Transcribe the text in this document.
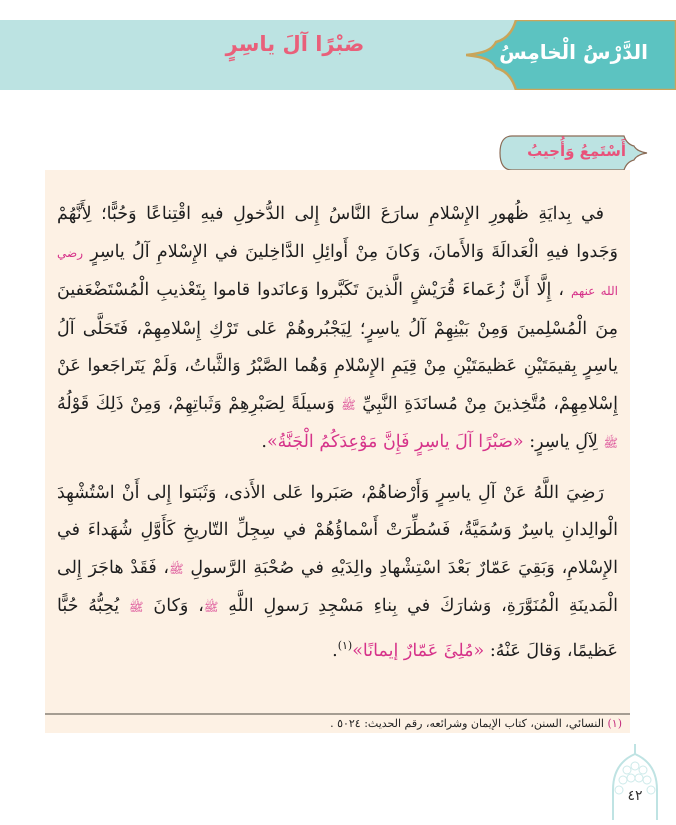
الدَّرْسُ الْخامِسُ
صَبْرًا آلَ ياسِرٍ
أَسْتَمِعُ وَأُجيبُ

في بِدايَةِ ظُهورِ الإِسْلامِ سارَعَ النَّاسُ إِلى الدُّخولِ فيهِ اقْتِناعًا وَحُبًّا؛ لِأَنَّهُمْ وَجَدوا فيهِ الْعَدالَةَ وَالأَمانَ، وَكانَ مِنْ أَوائِلِ الدَّاخِلينَ في الإِسْلامِ آلُ ياسِرٍ رضي الله عنهم ، إِلَّا أَنَّ زُعَماءَ قُرَيْشٍ الَّذينَ تَكَبَّروا وَعانَدوا قاموا بِتَعْذيبِ الْمُسْتَضْعَفينَ مِنَ الْمُسْلِمينَ وَمِنْ بَيْنِهِمْ آلُ ياسِرٍ؛ لِيَجْبُروهُمْ عَلى تَرْكِ إِسْلامِهِمْ، فَتَحَلَّى آلُ ياسِرٍ بِقيمَتَيْنِ عَظيمَتَيْنِ مِنْ قِيَمِ الإِسْلامِ وَهُما الصَّبْرُ وَالثَّباتُ، وَلَمْ يَتَراجَعوا عَنْ إِسْلامِهِمْ، مُتَّخِذينَ مِنْ مُسانَدَةِ النَّبِيِّ ﷺ وَسيلَةً لِصَبْرِهِمْ وَثَباتِهِمْ، وَمِنْ ذَلِكَ قَوْلُهُ ﷺ لِآلِ ياسِرٍ: «صَبْرًا آلَ ياسِرٍ فَإِنَّ مَوْعِدَكُمُ الْجَنَّةُ».

رَضِيَ اللَّهُ عَنْ آلِ ياسِرٍ وَأَرْضاهُمْ، صَبَروا عَلى الأَذى، وَثَبَتوا إِلى أَنْ اسْتُشْهِدَ الْوالِدانِ ياسِرٌ وَسُمَيَّةُ، فَسُطِّرَتْ أَسْماؤُهُمْ في سِجِلِّ التّاريخِ كَأَوَّلِ شُهَداءَ في الإِسْلامِ، وَبَقِيَ عَمّارٌ بَعْدَ اسْتِشْهادِ والِدَيْهِ في صُحْبَةِ الرَّسولِ ﷺ، فَقَدْ هاجَرَ إِلى الْمَدينَةِ الْمُنَوَّرَةِ، وَشارَكَ في بِناءِ مَسْجِدِ رَسولِ اللَّهِ ﷺ، وَكانَ ﷺ يُحِبُّهُ حُبًّا عَظيمًا، وَقالَ عَنْهُ: «مُلِئَ عَمّارٌ إيمانًا»$^{(١)}$.

(١) النسائي، السنن، كتاب الإيمان وشرائعه، رقم الحديث: ٥٠٢٤ .
٤٢
